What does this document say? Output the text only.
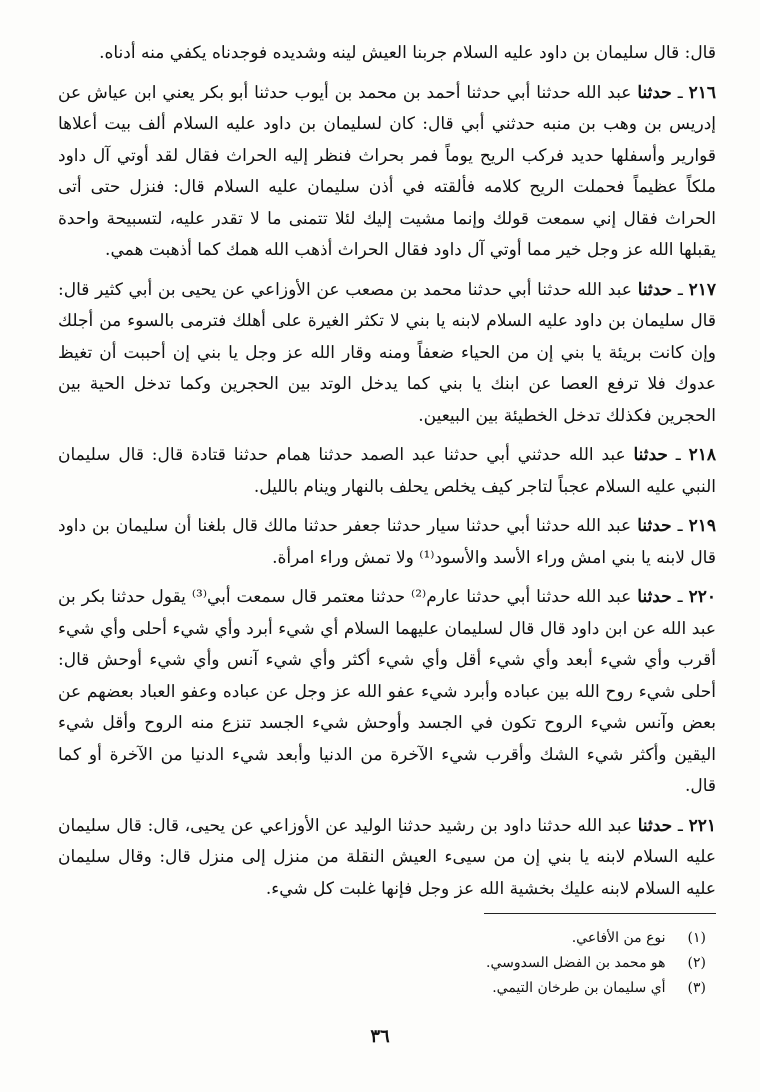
قال: قال سليمان بن داود عليه السلام جربنا العيش لينه وشديده فوجدناه يكفي منه أدناه.

٢١٦ ـ حدثنا عبد الله حدثنا أبي حدثنا أحمد بن محمد بن أيوب حدثنا أبو بكر يعني ابن عياش عن إدريس بن وهب بن منبه حدثني أبي قال: كان لسليمان بن داود عليه السلام ألف بيت أعلاها قوارير وأسفلها حديد فركب الريح يوماً فمر بحراث فنظر إليه الحراث فقال لقد أوتي آل داود ملكاً عظيماً فحملت الريح كلامه فألقته في أذن سليمان عليه السلام قال: فنزل حتى أتى الحراث فقال إني سمعت قولك وإنما مشيت إليك لئلا تتمنى ما لا تقدر عليه، لتسبيحة واحدة يقبلها الله عز وجل خير مما أوتي آل داود فقال الحراث أذهب الله همك كما أذهبت همي.

٢١٧ ـ حدثنا عبد الله حدثنا أبي حدثنا محمد بن مصعب عن الأوزاعي عن يحيى بن أبي كثير قال: قال سليمان بن داود عليه السلام لابنه يا بني لا تكثر الغيرة على أهلك فترمى بالسوء من أجلك وإن كانت بريئة يا بني إن من الحياء ضعفاً ومنه وقار الله عز وجل يا بني إن أحببت أن تغيظ عدوك فلا ترفع العصا عن ابنك يا بني كما يدخل الوتد بين الحجرين وكما تدخل الحية بين الحجرين فكذلك تدخل الخطيئة بين البيعين.

٢١٨ ـ حدثنا عبد الله حدثني أبي حدثنا عبد الصمد حدثنا همام حدثنا قتادة قال: قال سليمان النبي عليه السلام عجباً لتاجر كيف يخلص يحلف بالنهار وينام بالليل.

٢١٩ ـ حدثنا عبد الله حدثنا أبي حدثنا سيار حدثنا جعفر حدثنا مالك قال بلغنا أن سليمان بن داود قال لابنه يا بني امش وراء الأسد والأسود⁽¹⁾ ولا تمش وراء امرأة.

٢٢٠ ـ حدثنا عبد الله حدثنا أبي حدثنا عارم⁽²⁾ حدثنا معتمر قال سمعت أبي⁽³⁾ يقول حدثنا بكر بن عبد الله عن ابن داود قال قال لسليمان عليهما السلام أي شيء أبرد وأي شيء أحلى وأي شيء أقرب وأي شيء أبعد وأي شيء أقل وأي شيء أكثر وأي شيء آنس وأي شيء أوحش قال: أحلى شيء روح الله بين عباده وأبرد شيء عفو الله عز وجل عن عباده وعفو العباد بعضهم عن بعض وآنس شيء الروح تكون في الجسد وأوحش شيء الجسد تنزع منه الروح وأقل شيء اليقين وأكثر شيء الشك وأقرب شيء الآخرة من الدنيا وأبعد شيء الدنيا من الآخرة أو كما قال.

٢٢١ ـ حدثنا عبد الله حدثنا داود بن رشيد حدثنا الوليد عن الأوزاعي عن يحيى، قال: قال سليمان عليه السلام لابنه يا بني إن من سيىء العيش النقلة من منزل إلى منزل قال: وقال سليمان عليه السلام لابنه عليك بخشية الله عز وجل فإنها غلبت كل شيء.

(١) نوع من الأفاعي.

(٢) هو محمد بن الفضل السدوسي.

(٣) أي سليمان بن طرخان التيمي.

٣٦
